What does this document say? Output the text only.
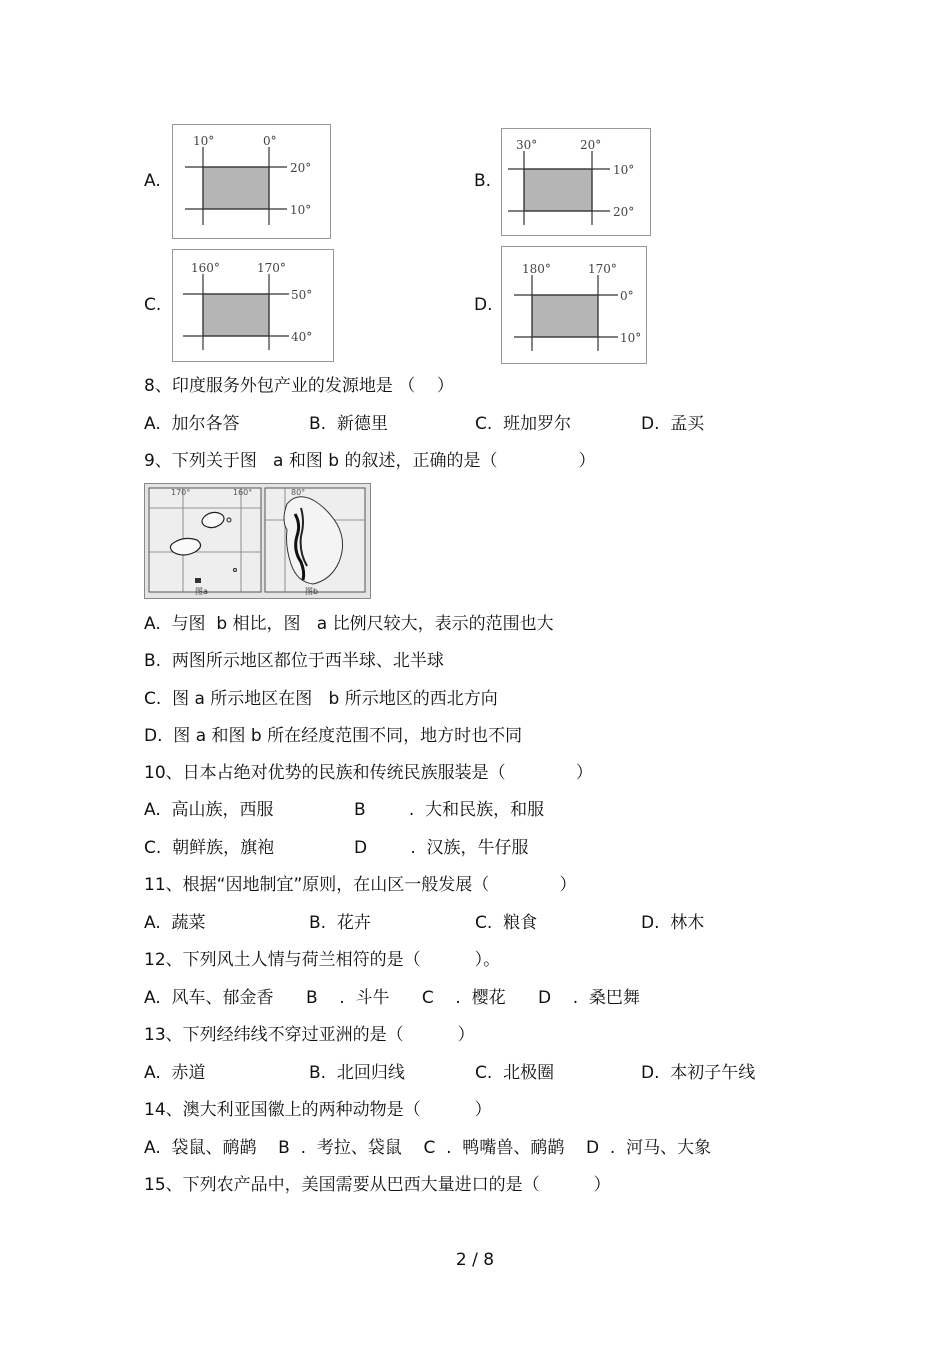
A.
10°	0°
20°
10°
B.
30°	20°
10°
20°
C.
160°	170°
50°
40°
D.
180°	170°
0°
10°
8、印度服务外包产业的发源地是 （    ）
A.  加尔各答	B.  新德里	C.  班加罗尔	D.  孟买
9、下列关于图   a 和图 b 的叙述，正确的是（               ）
170°	160°
图a
80°
图b
A.  与图  b 相比，图   a 比例尺较大，表示的范围也大
B.  两图所示地区都位于西半球、北半球
C.  图 a 所示地区在图   b 所示地区的西北方向
D.  图 a 和图 b 所在经度范围不同，地方时也不同
10、日本占绝对优势的民族和传统民族服装是（             ）
A.  高山族，西服	B        .  大和民族，和服
C.  朝鲜族，旗袍	D        .  汉族，牛仔服
11、根据“因地制宜”原则，在山区一般发展（             ）
A.  蔬菜	B.  花卉	C.  粮食	D.  林木
12、下列风土人情与荷兰相符的是（          ）。
A.  风车、郁金香      B    .  斗牛      C    .  樱花      D    .  桑巴舞
13、下列经纬线不穿过亚洲的是（          ）
A.  赤道	B.  北回归线	C.  北极圈	D.  本初子午线
14、澳大利亚国徽上的两种动物是（          ）
A.  袋鼠、鸸鹋    B  .  考拉、袋鼠    C  .  鸭嘴兽、鸸鹋    D  .  河马、大象
15、下列农产品中，美国需要从巴西大量进口的是（          ）
2 / 8
